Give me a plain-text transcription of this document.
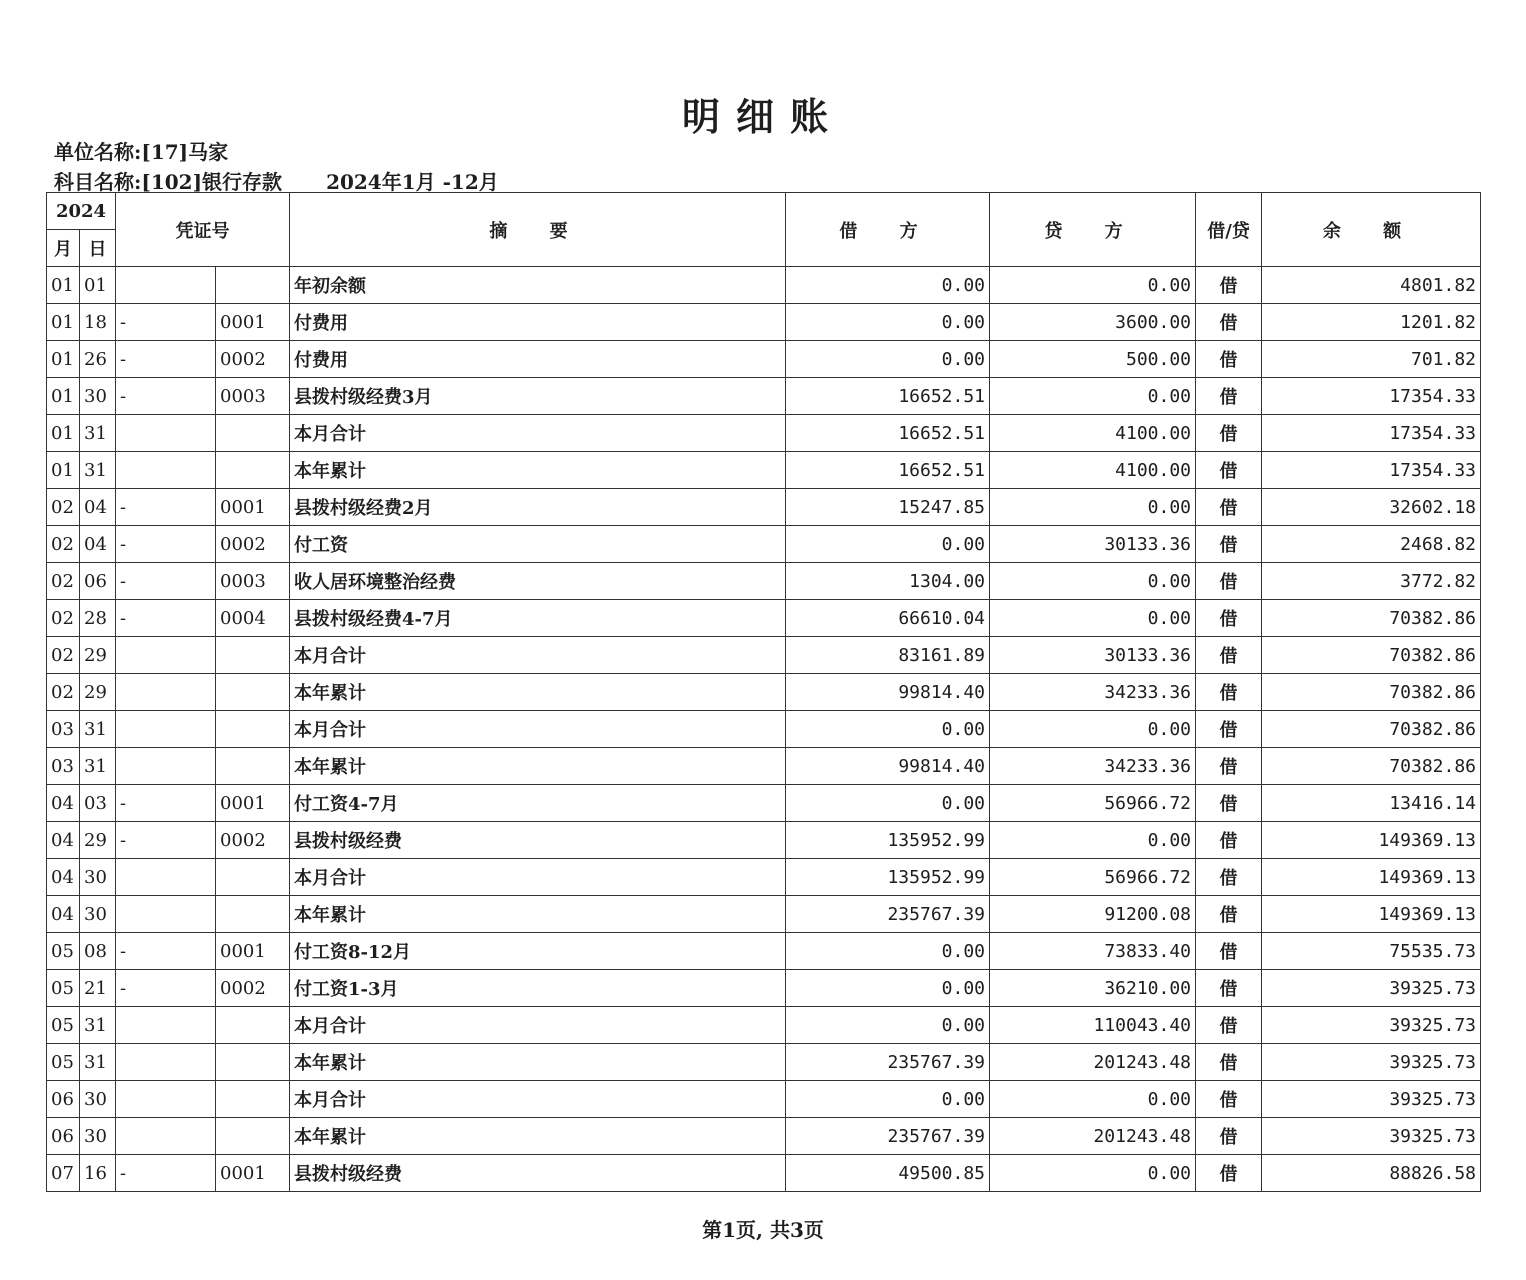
明细账
单位名称:[17]马家
科目名称:[102]银行存款 2024年1月 -12月
2024		凭证号		摘 要	借 方	贷 方	借/贷	余 额
月	日							
01	01			年初余额	0.00	0.00	借	4801.82
01	18	-	0001	付费用	0.00	3600.00	借	1201.82
01	26	-	0002	付费用	0.00	500.00	借	701.82
01	30	-	0003	县拨村级经费3月	16652.51	0.00	借	17354.33
01	31			本月合计	16652.51	4100.00	借	17354.33
01	31			本年累计	16652.51	4100.00	借	17354.33
02	04	-	0001	县拨村级经费2月	15247.85	0.00	借	32602.18
02	04	-	0002	付工资	0.00	30133.36	借	2468.82
02	06	-	0003	收人居环境整治经费	1304.00	0.00	借	3772.82
02	28	-	0004	县拨村级经费4-7月	66610.04	0.00	借	70382.86
02	29			本月合计	83161.89	30133.36	借	70382.86
02	29			本年累计	99814.40	34233.36	借	70382.86
03	31			本月合计	0.00	0.00	借	70382.86
03	31			本年累计	99814.40	34233.36	借	70382.86
04	03	-	0001	付工资4-7月	0.00	56966.72	借	13416.14
04	29	-	0002	县拨村级经费	135952.99	0.00	借	149369.13
04	30			本月合计	135952.99	56966.72	借	149369.13
04	30			本年累计	235767.39	91200.08	借	149369.13
05	08	-	0001	付工资8-12月	0.00	73833.40	借	75535.73
05	21	-	0002	付工资1-3月	0.00	36210.00	借	39325.73
05	31			本月合计	0.00	110043.40	借	39325.73
05	31			本年累计	235767.39	201243.48	借	39325.73
06	30			本月合计	0.00	0.00	借	39325.73
06	30			本年累计	235767.39	201243.48	借	39325.73
07	16	-	0001	县拨村级经费	49500.85	0.00	借	88826.58
第1页, 共3页
